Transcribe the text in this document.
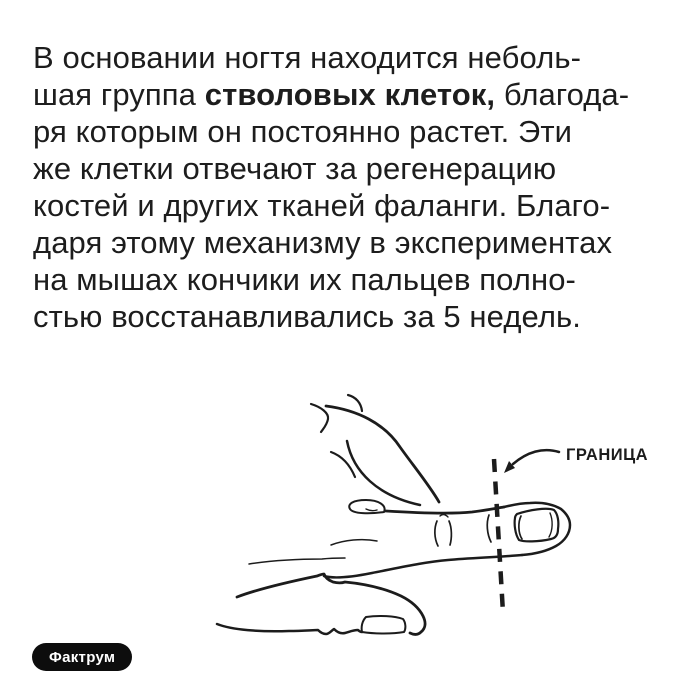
В основании ногтя находится неболь-
шая группа стволовых клеток, благода-
ря которым он постоянно растет. Эти
же клетки отвечают за регенерацию
костей и других тканей фаланги. Благо-
даря этому механизму в экспериментах
на мышах кончики их пальцев полно-
стью восстанавливались за 5 недель.
ГРАНИЦА
Фактрум
